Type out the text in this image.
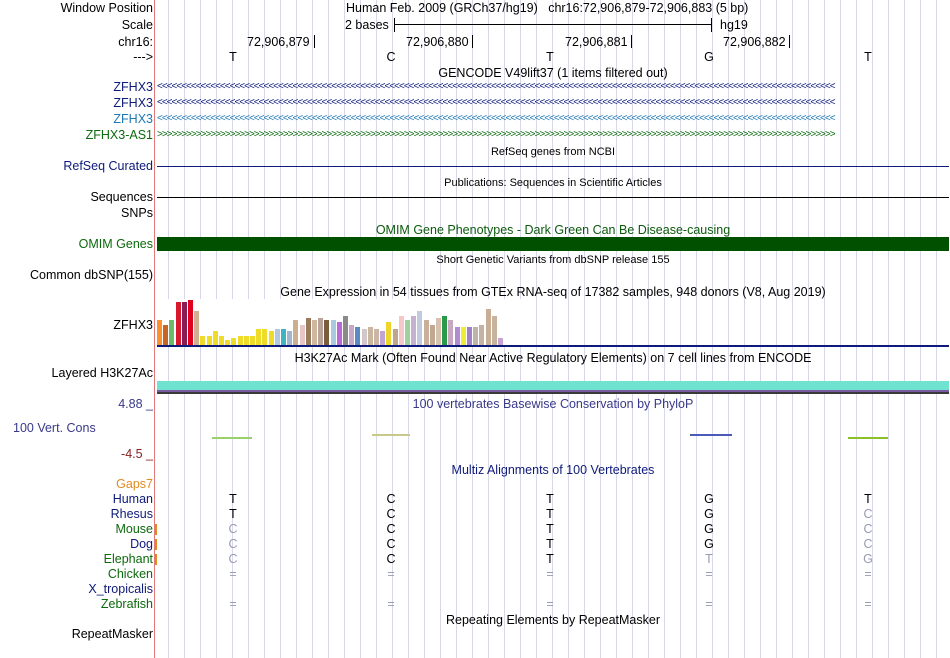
Window Position	Human Feb. 2009 (GRCh37/hg19)   chr16:72,906,879-72,906,883 (5 bp)
Scale	2 bases	hg19
chr16:	72,906,879	72,906,880	72,906,881	72,906,882
--->	T	C	T	G	T
GENCODE V49lift37 (1 items filtered out)
ZFHX3 <<<<<<<<<<<<<<<<<<<<<<<<<<<<<<<<<<<<<<<<<<<<<<<<<<<<<<<<<<<<<<<<<<<<<<<<<<<<<<<<<<<<<<<<<<<<<<<<<<<<<<<<<<<<<<<<<<<<<<<<<<<<<<<<<<<<<<<<<<<<
ZFHX3 <<<<<<<<<<<<<<<<<<<<<<<<<<<<<<<<<<<<<<<<<<<<<<<<<<<<<<<<<<<<<<<<<<<<<<<<<<<<<<<<<<<<<<<<<<<<<<<<<<<<<<<<<<<<<<<<<<<<<<<<<<<<<<<<<<<<<<<<<<<<
ZFHX3 <<<<<<<<<<<<<<<<<<<<<<<<<<<<<<<<<<<<<<<<<<<<<<<<<<<<<<<<<<<<<<<<<<<<<<<<<<<<<<<<<<<<<<<<<<<<<<<<<<<<<<<<<<<<<<<<<<<<<<<<<<<<<<<<<<<<<<<<<<<<
ZFHX3-AS1 >>>>>>>>>>>>>>>>>>>>>>>>>>>>>>>>>>>>>>>>>>>>>>>>>>>>>>>>>>>>>>>>>>>>>>>>>>>>>>>>>>>>>>>>>>>>>>>>>>>>>>>>>>>>>>>>>>>>>>>>>>>>>>>>>>>>>>>>>>>>
RefSeq genes from NCBI
RefSeq Curated
Publications: Sequences in Scientific Articles
Sequences
SNPs
OMIM Gene Phenotypes - Dark Green Can Be Disease-causing
OMIM Genes
Short Genetic Variants from dbSNP release 155
Common dbSNP(155)
Gene Expression in 54 tissues from GTEx RNA-seq of 17382 samples, 948 donors (V8, Aug 2019)
ZFHX3
H3K27Ac Mark (Often Found Near Active Regulatory Elements) on 7 cell lines from ENCODE
Layered H3K27Ac
4.88 _	100 vertebrates Basewise Conservation by PhyloP
100 Vert. Cons
-4.5 _
Multiz Alignments of 100 Vertebrates
Gaps7
Human	T	C	T	G	T
Rhesus	T	C	T	G	C
Mouse	C	C	T	G	C
Dog	C	C	T	G	C
Elephant	C	C	T	T	G
Chicken	=	=	=	=	=
X_tropicalis
Zebrafish	=	=	=	=	=
Repeating Elements by RepeatMasker
RepeatMasker
